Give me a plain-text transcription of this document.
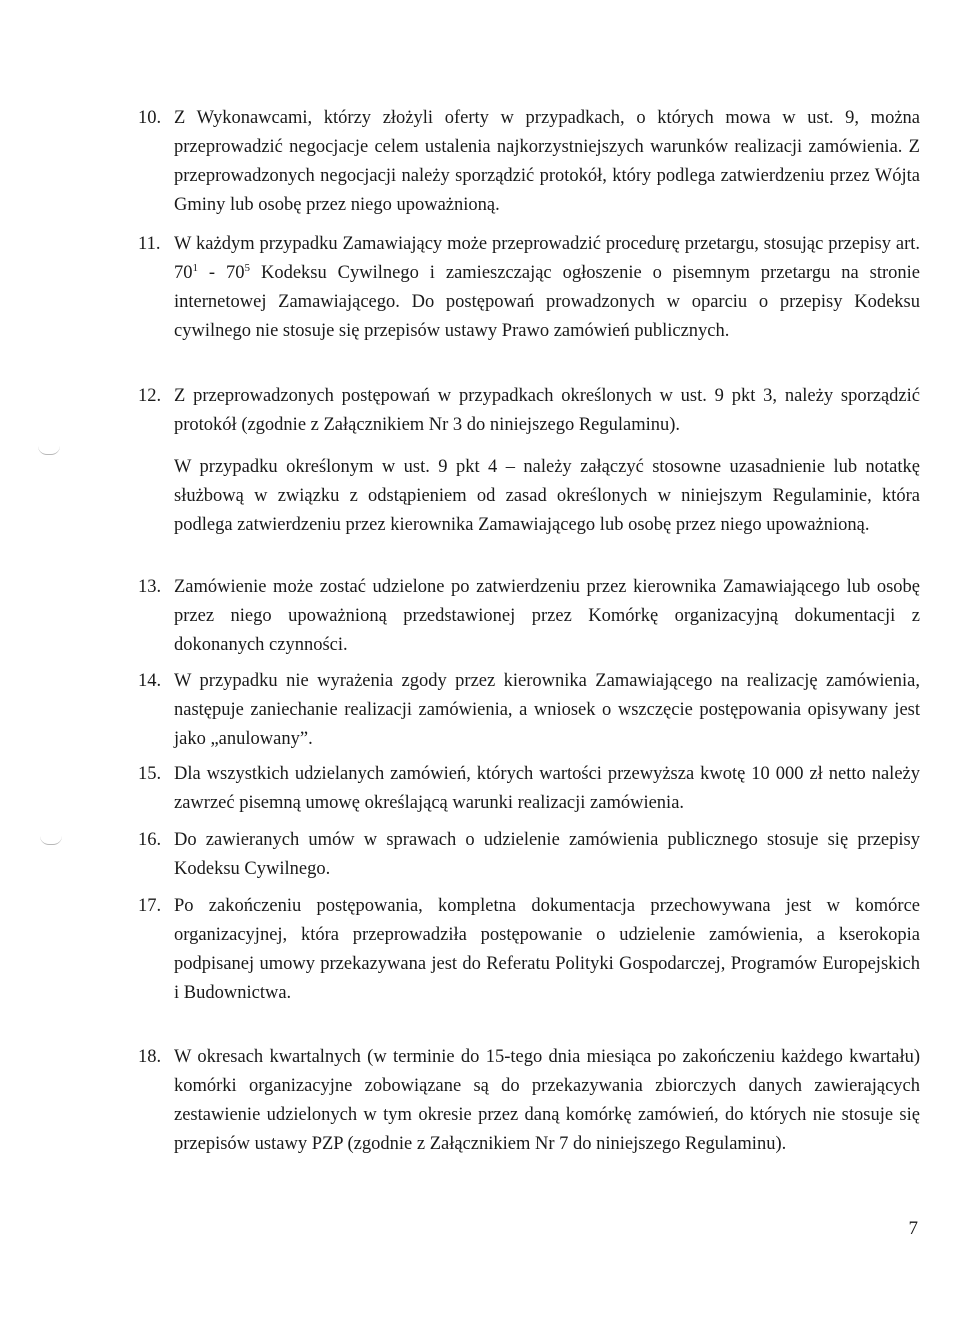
10. Z Wykonawcami, którzy złożyli oferty w przypadkach, o których mowa w ust. 9, można przeprowadzić negocjacje celem ustalenia najkorzystniejszych warunków realizacji zamówienia. Z przeprowadzonych negocjacji należy sporządzić protokół, który podlega zatwierdzeniu przez Wójta Gminy lub osobę przez niego upoważnioną.
11. W każdym przypadku Zamawiający może przeprowadzić procedurę przetargu, stosując przepisy art. $70^1 - 70^5$ Kodeksu Cywilnego i zamieszczając ogłoszenie o pisemnym przetargu na stronie internetowej Zamawiającego. Do postępowań prowadzonych w oparciu o przepisy Kodeksu cywilnego nie stosuje się przepisów ustawy Prawo zamówień publicznych.
12. Z przeprowadzonych postępowań w przypadkach określonych w ust. 9 pkt 3, należy sporządzić protokół (zgodnie z Załącznikiem Nr 3 do niniejszego Regulaminu).

W przypadku określonym w ust. 9 pkt 4 – należy załączyć stosowne uzasadnienie lub notatkę służbową w związku z odstąpieniem od zasad określonych w niniejszym Regulaminie, która podlega zatwierdzeniu przez kierownika Zamawiającego lub osobę przez niego upoważnioną.

13. Zamówienie może zostać udzielone po zatwierdzeniu przez kierownika Zamawiającego lub osobę przez niego upoważnioną przedstawionej przez Komórkę organizacyjną dokumentacji z dokonanych czynności.
14. W przypadku nie wyrażenia zgody przez kierownika Zamawiającego na realizację zamówienia, następuje zaniechanie realizacji zamówienia, a wniosek o wszczęcie postępowania opisywany jest jako „anulowany”.
15. Dla wszystkich udzielanych zamówień, których wartości przewyższa kwotę 10 000 zł netto należy zawrzeć pisemną umowę określającą warunki realizacji zamówienia.
16. Do zawieranych umów w sprawach o udzielenie zamówienia publicznego stosuje się przepisy Kodeksu Cywilnego.
17. Po zakończeniu postępowania, kompletna dokumentacja przechowywana jest w komórce organizacyjnej, która przeprowadziła postępowanie o udzielenie zamówienia, a kserokopia podpisanej umowy przekazywana jest do Referatu Polityki Gospodarczej, Programów Europejskich i Budownictwa.
18. W okresach kwartalnych (w terminie do 15-tego dnia miesiąca po zakończeniu każdego kwartału) komórki organizacyjne zobowiązane są do przekazywania zbiorczych danych zawierających zestawienie udzielonych w tym okresie przez daną komórkę zamówień, do których nie stosuje się przepisów ustawy PZP (zgodnie z Załącznikiem Nr 7 do niniejszego Regulaminu).
7
